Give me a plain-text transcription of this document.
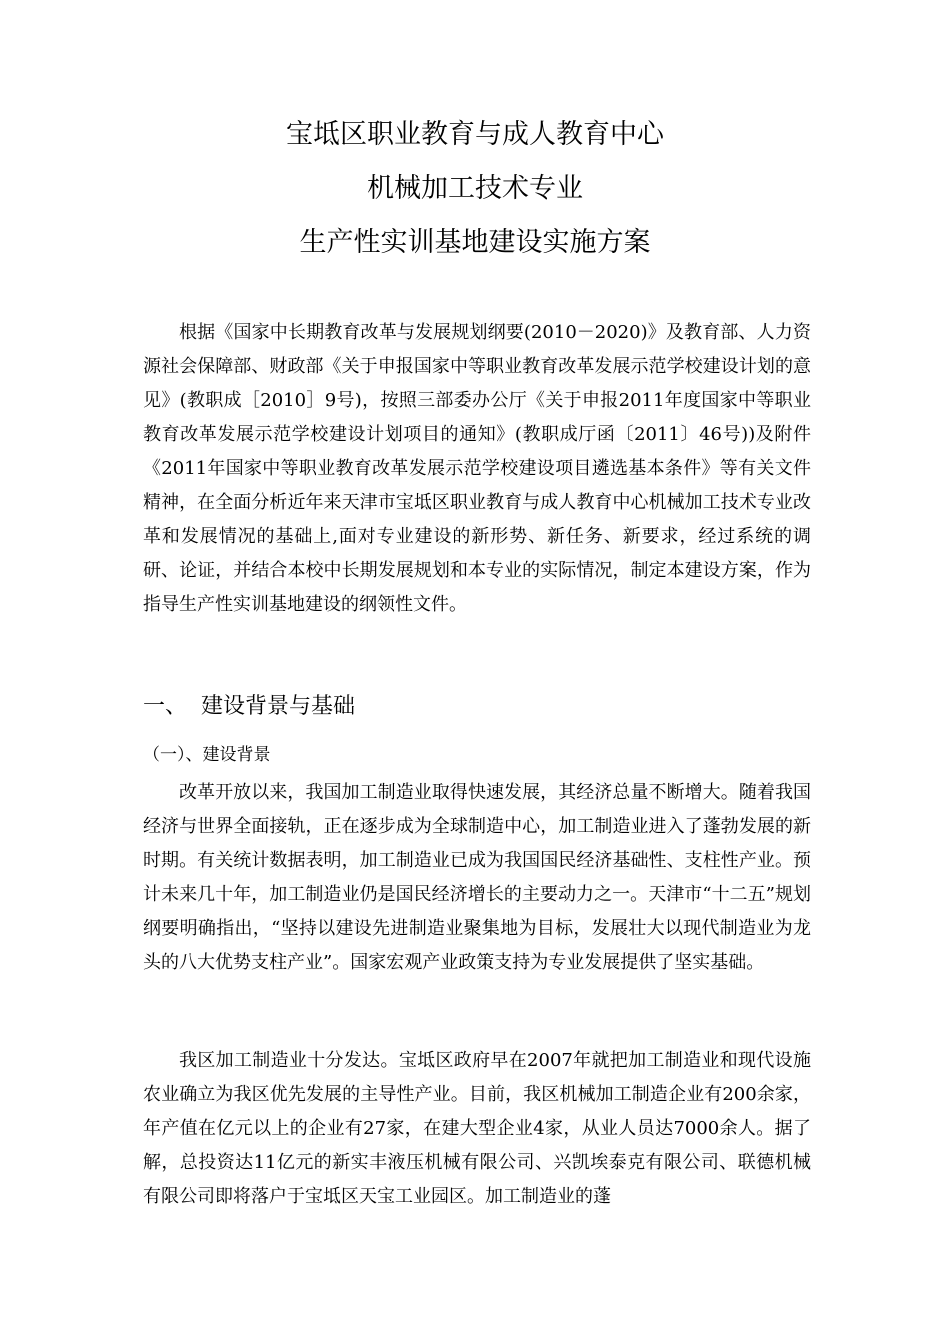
宝坻区职业教育与成人教育中心
机械加工技术专业
生产性实训基地建设实施方案

根据《国家中长期教育改革与发展规划纲要(2010－2020)》及教育部、人力资源社会保障部、财政部《关于申报国家中等职业教育改革发展示范学校建设计划的意见》(教职成［2010］9号)，按照三部委办公厅《关于申报2011年度国家中等职业教育改革发展示范学校建设计划项目的通知》(教职成厅函〔2011〕46号))及附件《2011年国家中等职业教育改革发展示范学校建设项目遴选基本条件》等有关文件精神，在全面分析近年来天津市宝坻区职业教育与成人教育中心机械加工技术专业改革和发展情况的基础上,面对专业建设的新形势、新任务、新要求，经过系统的调研、论证，并结合本校中长期发展规划和本专业的实际情况，制定本建设方案，作为指导生产性实训基地建设的纲领性文件。

一、 建设背景与基础
（一）、建设背景

改革开放以来，我国加工制造业取得快速发展，其经济总量不断增大。随着我国经济与世界全面接轨，正在逐步成为全球制造中心，加工制造业进入了蓬勃发展的新时期。有关统计数据表明，加工制造业已成为我国国民经济基础性、支柱性产业。预计未来几十年，加工制造业仍是国民经济增长的主要动力之一。天津市“十二五”规划纲要明确指出，“坚持以建设先进制造业聚集地为目标，发展壮大以现代制造业为龙头的八大优势支柱产业”。国家宏观产业政策支持为专业发展提供了坚实基础。

我区加工制造业十分发达。宝坻区政府早在2007年就把加工制造业和现代设施农业确立为我区优先发展的主导性产业。目前，我区机械加工制造企业有200余家，年产值在亿元以上的企业有27家，在建大型企业4家，从业人员达7000余人。据了解，总投资达11亿元的新实丰液压机械有限公司、兴凯埃泰克有限公司、联德机械有限公司即将落户于宝坻区天宝工业园区。加工制造业的蓬
